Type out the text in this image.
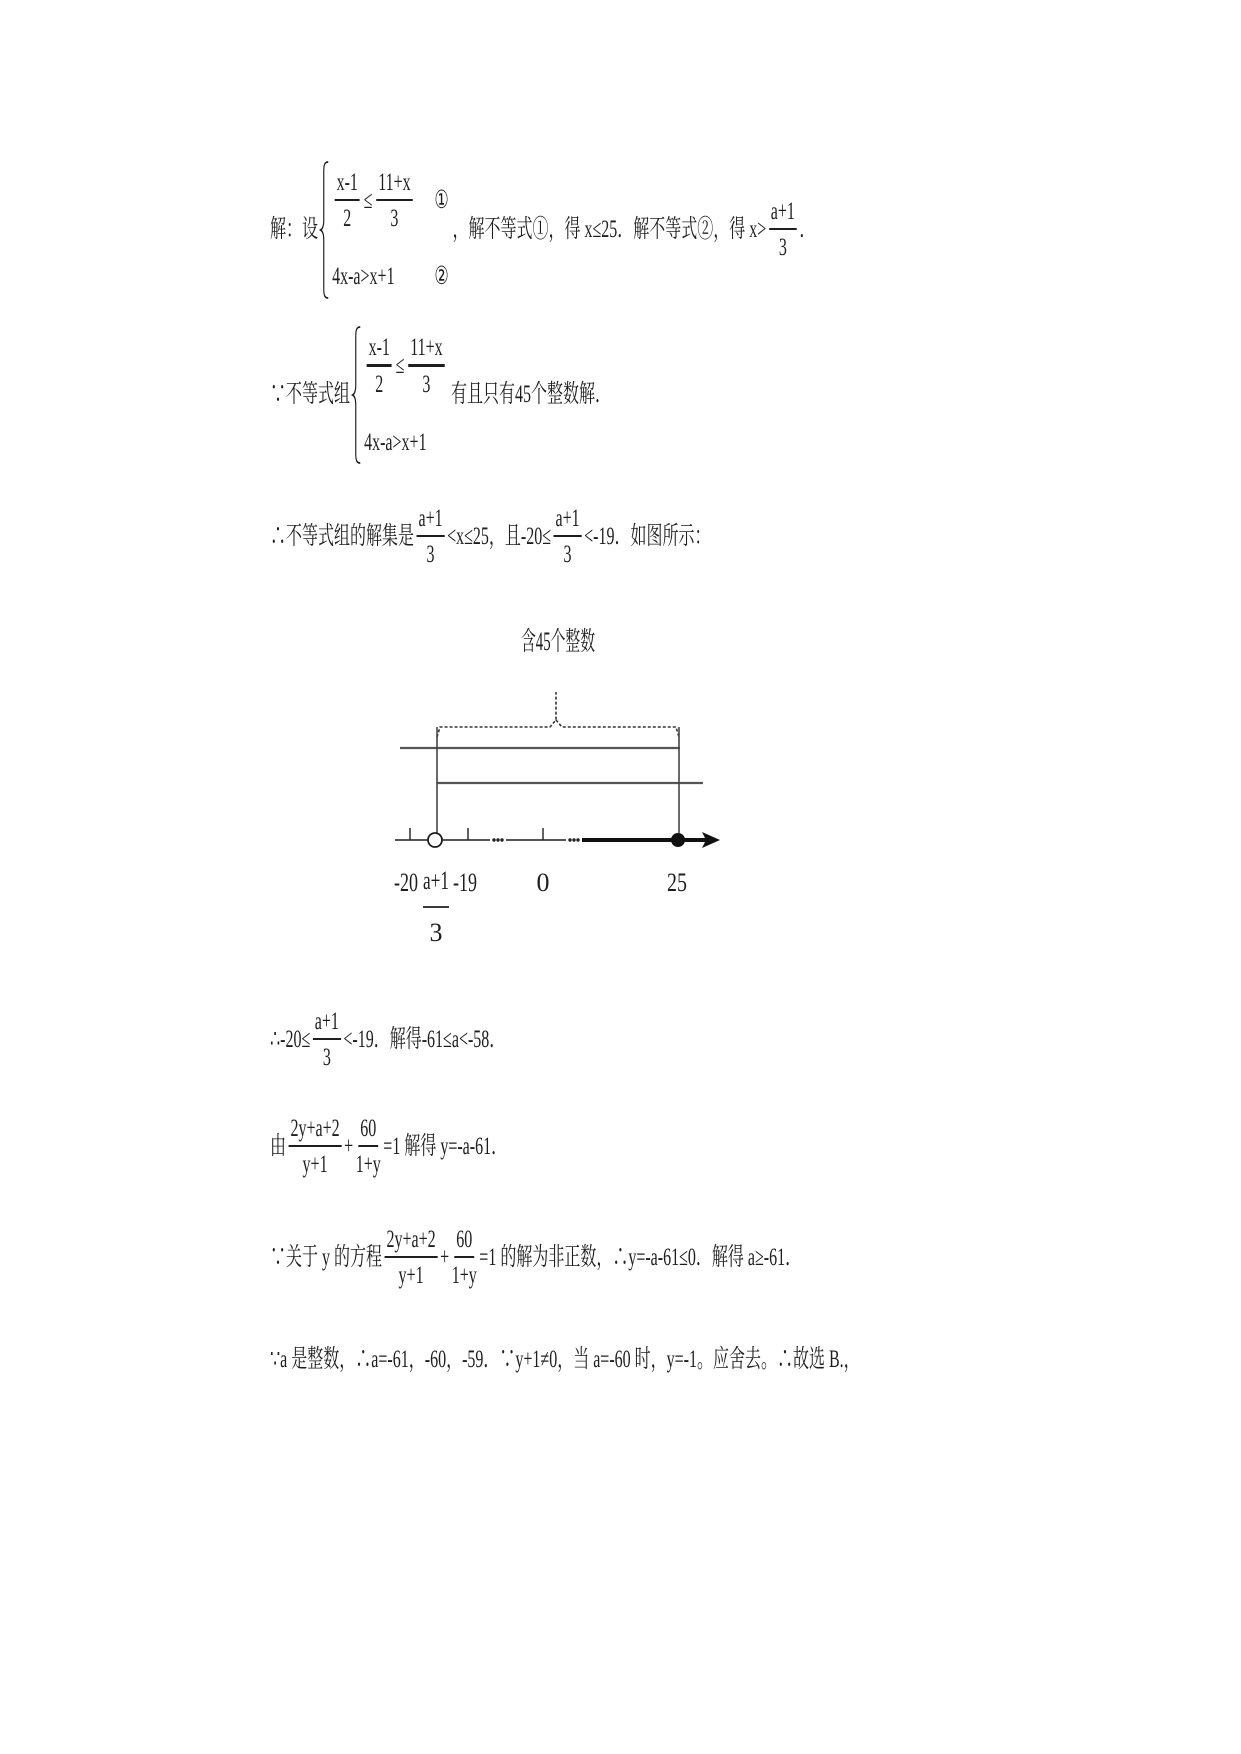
解：设 $\frac{x-1}{2} \le \frac{11+x}{3}$ ①
4x-a>x+1	②
，解不等式①，得 x≤25．解不等式②，得 $x> \frac{a+1}{3}$ ．
∵不等式组 $\frac{x-1}{2} \le \frac{11+x}{3}$
4x-a>x+1
有且只有45个整数解．
∴不等式组的解集是 $\frac{a+1}{3} <x\le 25$，且$-20\le \frac{a+1}{3} <-19$．如图所示：
含45个整数
-20 a+1
3
-19 0	25
∴-20≤ $\frac{a+1}{3} <-19$．解得-61≤a<-58．
由 $\frac{2y+a+2}{y+1} + \frac{60}{1+y} =1$ 解得 y=-a-61．
∵关于 y 的方程 $\frac{2y+a+2}{y+1} + \frac{60}{1+y} =1$ 的解为非正数，∴y=-a-61≤0．解得 a≥-61．
∵a 是整数，∴a=-61，-60，-59．∵y+1≠0，当 a=-60 时，y=-1。应舍去。∴故选 B.，
